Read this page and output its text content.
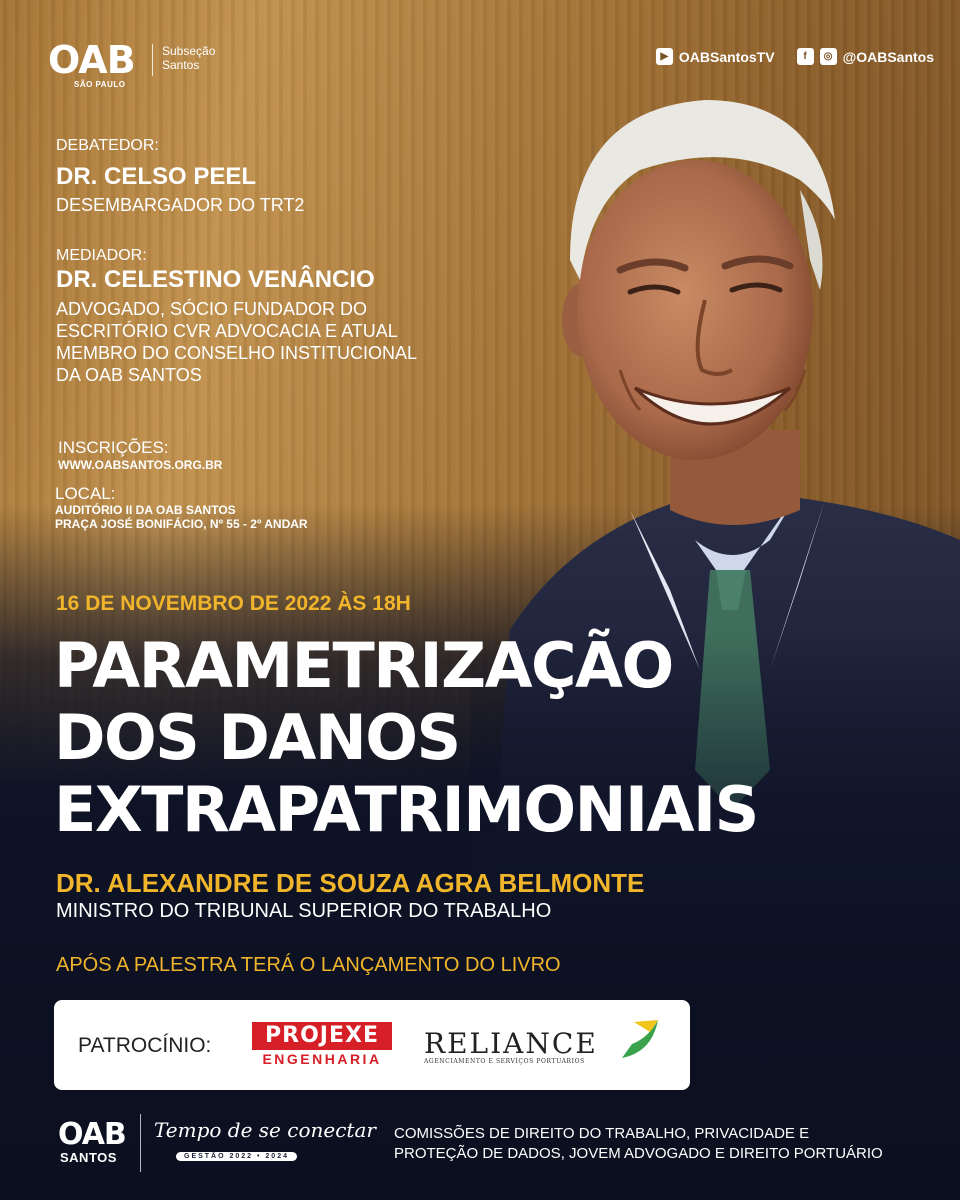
OAB
SÃO PAULO
Subseção
Santos
▶ OABSantosTV	f	◎ @OABSantos
DEBATEDOR:
DR. CELSO PEEL
DESEMBARGADOR DO TRT2
MEDIADOR:
DR. CELESTINO VENÂNCIO
ADVOGADO, SÓCIO FUNDADOR DO
ESCRITÓRIO CVR ADVOCACIA E ATUAL
MEMBRO DO CONSELHO INSTITUCIONAL
DA OAB SANTOS
INSCRIÇÕES:
WWW.OABSANTOS.ORG.BR
LOCAL:
AUDITÓRIO II DA OAB SANTOS
PRAÇA JOSÉ BONIFÁCIO, Nº 55 - 2º ANDAR
16 DE NOVEMBRO DE 2022 ÀS 18H
PARAMETRIZAÇÃO
DOS DANOS
EXTRAPATRIMONIAIS
DR. ALEXANDRE DE SOUZA AGRA BELMONTE
MINISTRO DO TRIBUNAL SUPERIOR DO TRABALHO
APÓS A PALESTRA TERÁ O LANÇAMENTO DO LIVRO
PATROCÍNIO:	PROJEXE
ENGENHARIA	RELIANCE
AGENCIAMENTO E SERVIÇOS PORTUÁRIOS
OAB
SANTOS
Tempo de se conectar
GESTÃO 2022 • 2024
COMISSÕES DE DIREITO DO TRABALHO, PRIVACIDADE E
PROTEÇÃO DE DADOS, JOVEM ADVOGADO E DIREITO PORTUÁRIO
